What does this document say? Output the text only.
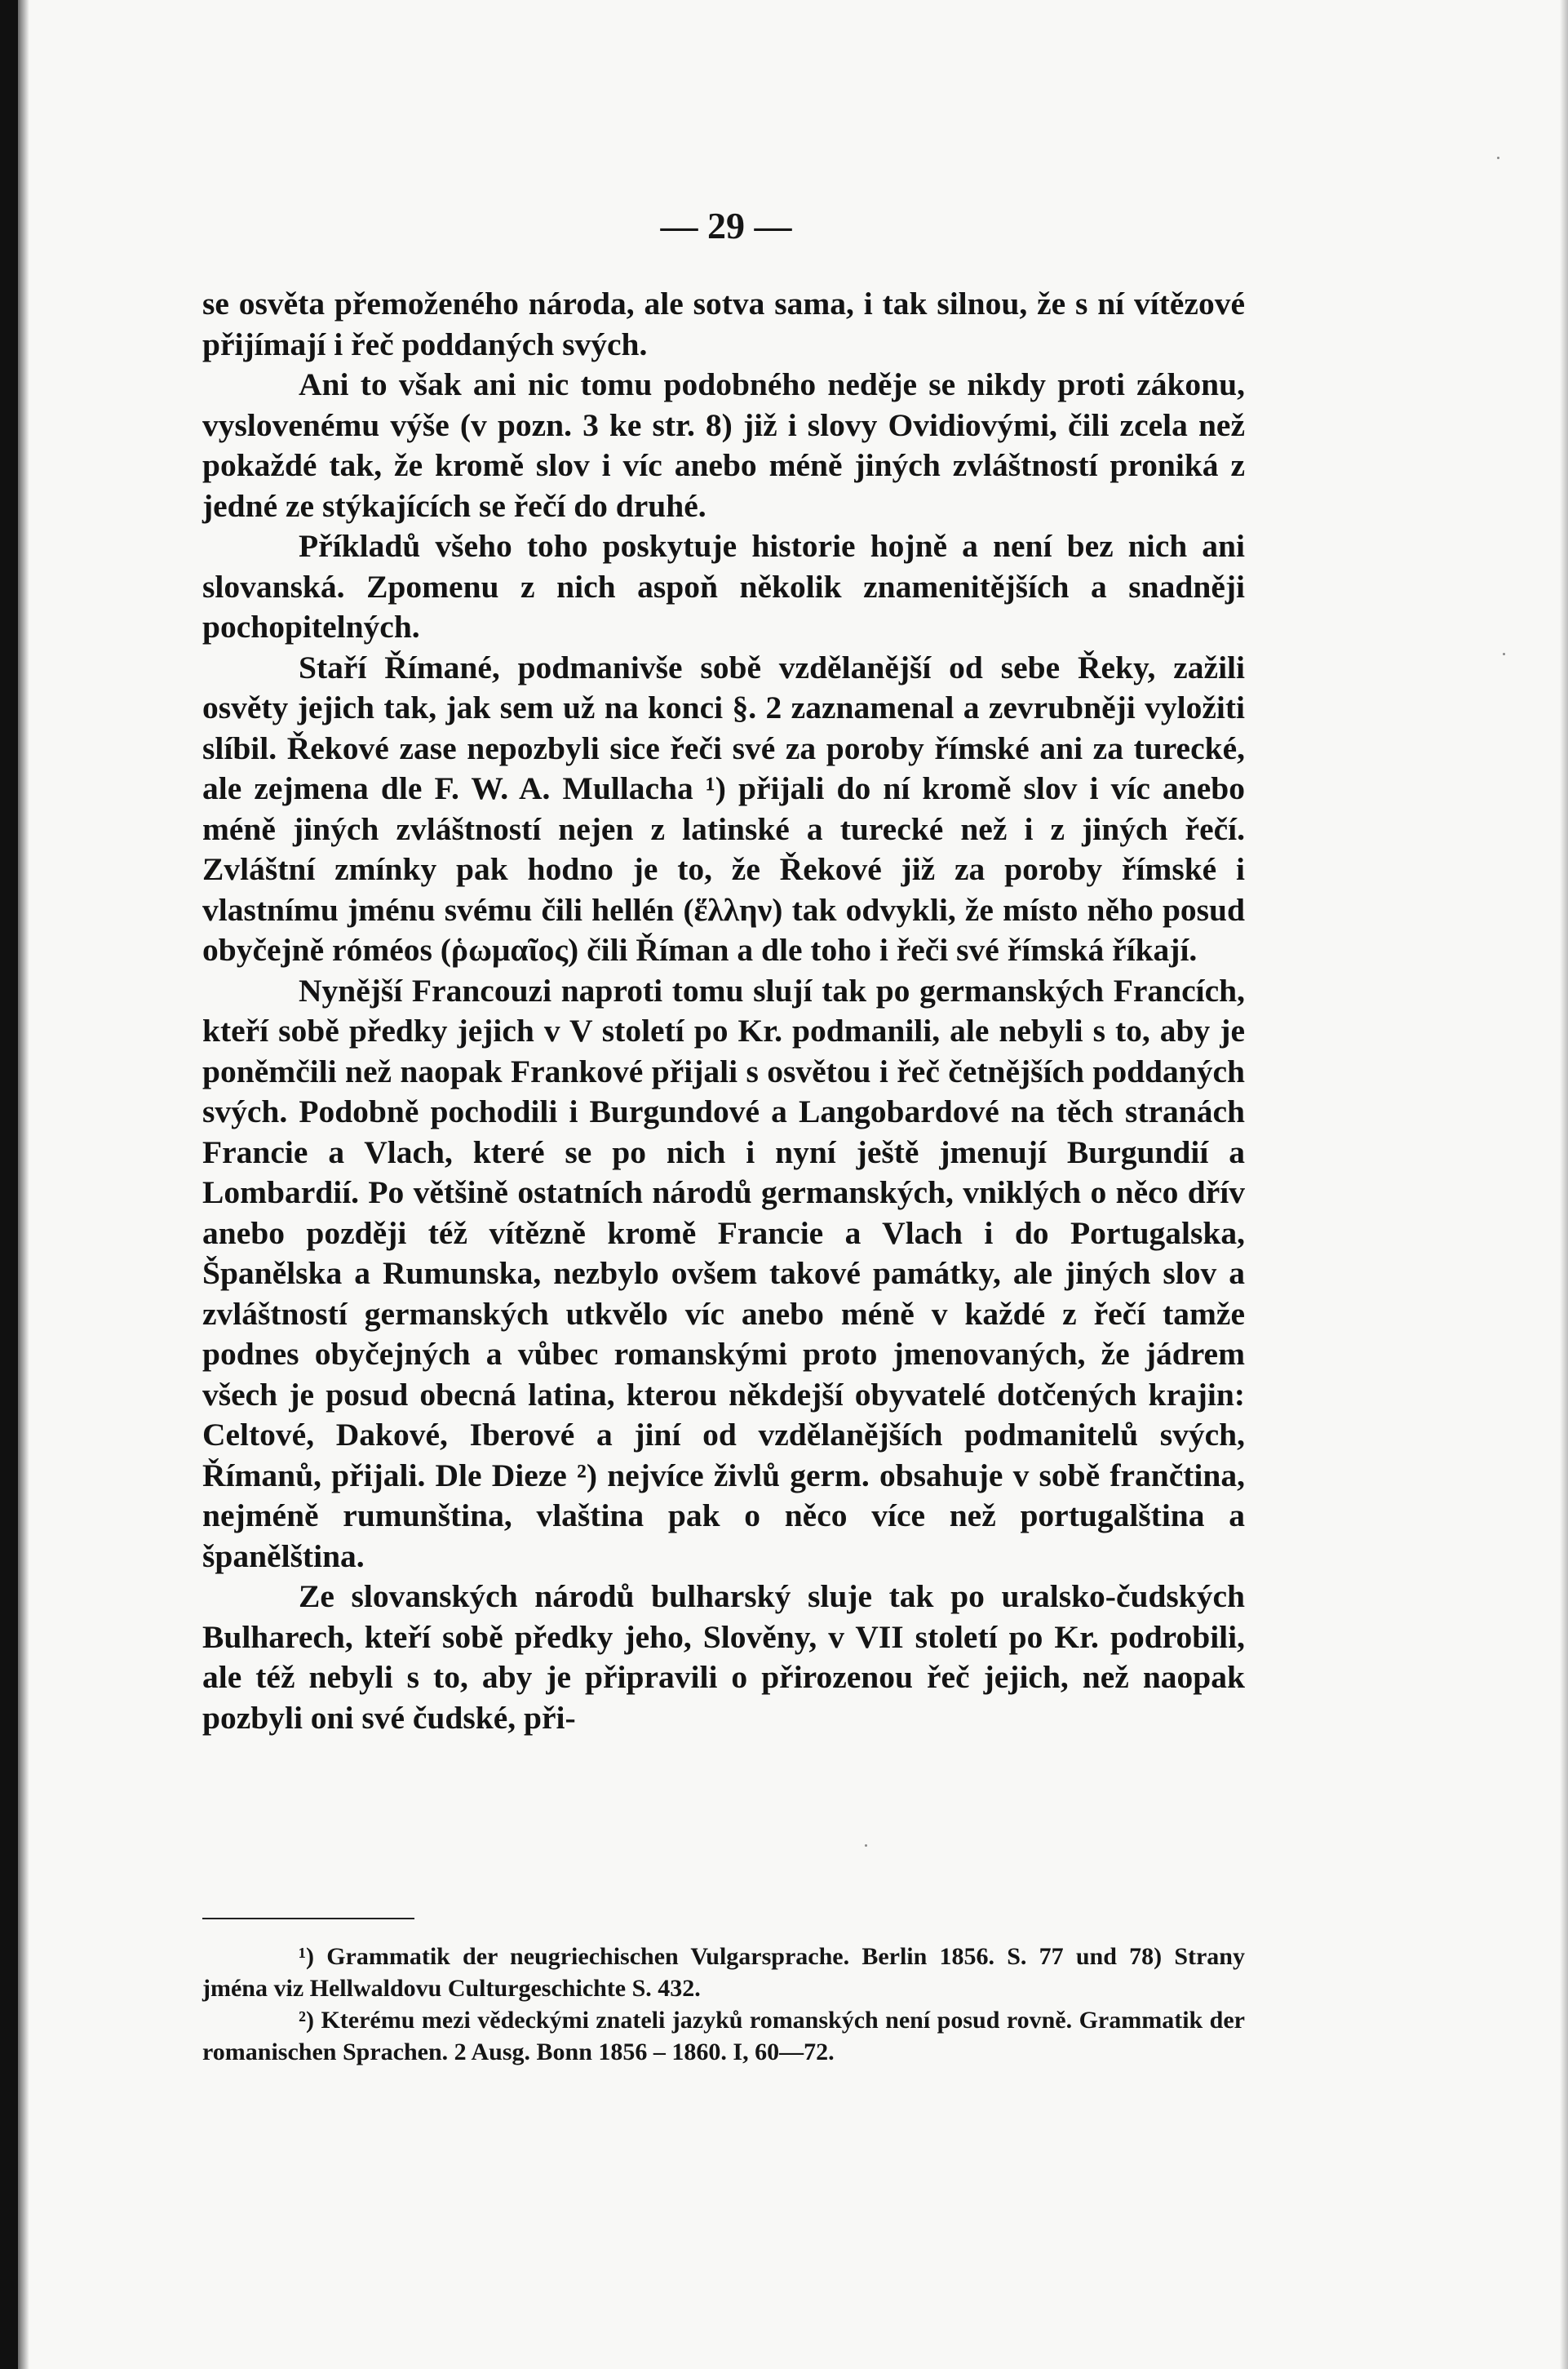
— 29 —

se osvěta přemoženého národa, ale sotva sama, i tak silnou, že s ní vítězové přijímají i řeč poddaných svých.

Ani to však ani nic tomu podobného neděje se nikdy proti zákonu, vyslovenému výše (v pozn. 3 ke str. 8) již i slovy Ovidiovými, čili zcela než pokaždé tak, že kromě slov i víc anebo méně jiných zvláštností proniká z jedné ze stýkajících se řečí do druhé.

Příkladů všeho toho poskytuje historie hojně a není bez nich ani slovanská. Zpomenu z nich aspoň několik znamenitějších a snadněji pochopitelných.

Staří Římané, podmanivše sobě vzdělanější od sebe Řeky, zažili osvěty jejich tak, jak sem už na konci §. 2 zaznamenal a zevrubněji vyložiti slíbil. Řekové zase nepozbyli sice řeči své za poroby římské ani za turecké, ale zejmena dle F. W. A. Mullacha ¹) přijali do ní kromě slov i víc anebo méně jiných zvláštností nejen z latinské a turecké než i z jiných řečí. Zvláštní zmínky pak hodno je to, že Řekové již za poroby římské i vlastnímu jménu svému čili hellén (ἕλλην) tak odvykli, že místo něho posud obyčejně róméos (ῥωμαῖος) čili Říman a dle toho i řeči své římská říkají.

Nynější Francouzi naproti tomu slují tak po germanských Francích, kteří sobě předky jejich v V století po Kr. podmanili, ale nebyli s to, aby je poněmčili než naopak Frankové přijali s osvětou i řeč četnějších poddaných svých. Podobně pochodili i Burgundové a Langobardové na těch stranách Francie a Vlach, které se po nich i nyní ještě jmenují Burgundií a Lombardií. Po většině ostatních národů germanských, vniklých o něco dřív anebo později též vítězně kromě Francie a Vlach i do Portugalska, Španělska a Rumunska, nezbylo ovšem takové památky, ale jiných slov a zvláštností germanských utkvělo víc anebo méně v každé z řečí tamže podnes obyčejných a vůbec romanskými proto jmenovaných, že jádrem všech je posud obecná latina, kterou někdejší obyvatelé dotčených krajin: Celtové, Dakové, Iberové a jiní od vzdělanějších podmanitelů svých, Římanů, přijali. Dle Dieze ²) nejvíce živlů germ. obsahuje v sobě frančtina, nejméně rumunština, vlaština pak o něco více než portugalština a španělština.

Ze slovanských národů bulharský sluje tak po uralsko-čudských Bulharech, kteří sobě předky jeho, Slověny, v VII století po Kr. podrobili, ale též nebyli s to, aby je připravili o přirozenou řeč jejich, než naopak pozbyli oni své čudské, při-

¹) Grammatik der neugriechischen Vulgarsprache. Berlin 1856. S. 77 und 78) Strany jména viz Hellwaldovu Culturgeschichte S. 432.

²) Kterému mezi vědeckými znateli jazyků romanských není posud rovně. Grammatik der romanischen Sprachen. 2 Ausg. Bonn 1856 – 1860. I, 60—72.
